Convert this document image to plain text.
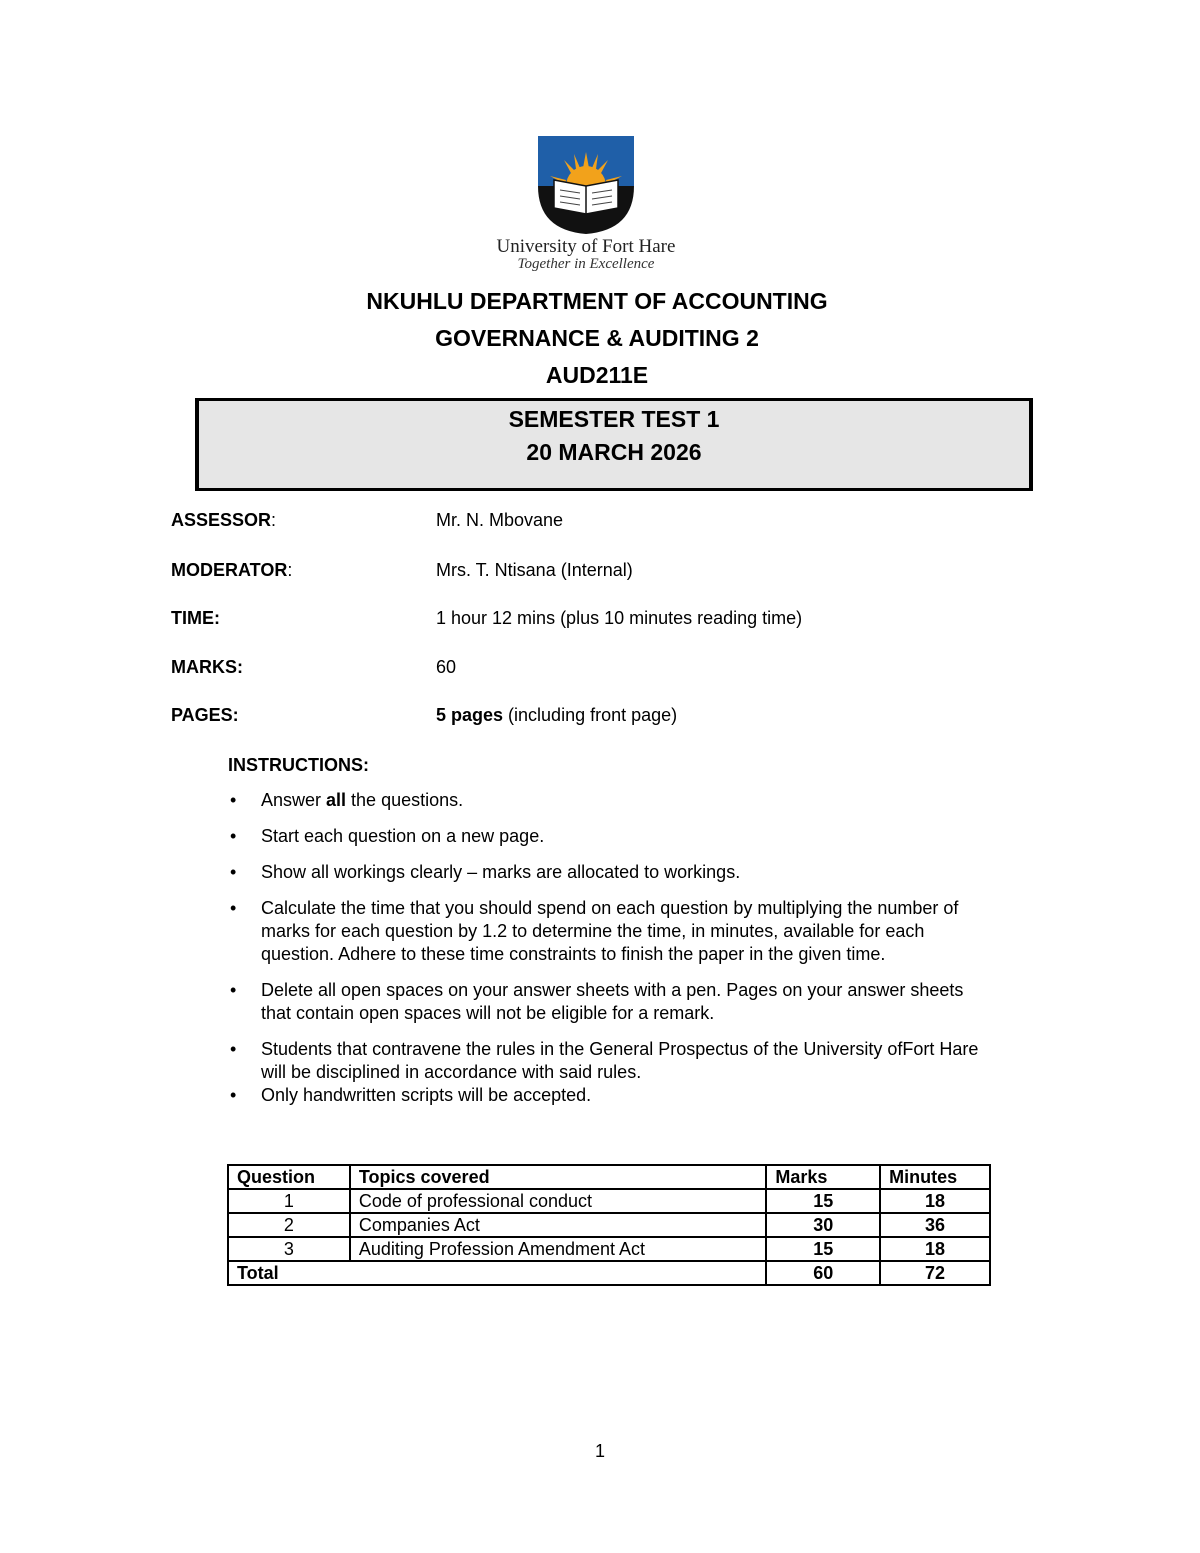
University of Fort Hare
Together in Excellence
NKUHLU DEPARTMENT OF ACCOUNTING
GOVERNANCE & AUDITING 2
AUD211E
SEMESTER TEST 1
20 MARCH 2026
ASSESSOR:	Mr. N. Mbovane
MODERATOR:	Mrs. T. Ntisana (Internal)
TIME:	1 hour 12 mins (plus 10 minutes reading time)
MARKS:	60
PAGES:	5 pages (including front page)
INSTRUCTIONS:
• Answer all the questions.
• Start each question on a new page.
• Show all workings clearly – marks are allocated to workings.
• Calculate the time that you should spend on each question by multiplying the number of marks for each question by 1.2 to determine the time, in minutes, available for each question. Adhere to these time constraints to finish the paper in the given time.
• Delete all open spaces on your answer sheets with a pen. Pages on your answer sheets that contain open spaces will not be eligible for a remark.
• Students that contravene the rules in the General Prospectus of the University ofFort Hare will be disciplined in accordance with said rules.
• Only handwritten scripts will be accepted.
Question	Topics covered	Marks	Minutes
1	Code of professional conduct	15	18
2	Companies Act	30	36
3	Auditing Profession Amendment Act	15	18
Total		60	72
1
